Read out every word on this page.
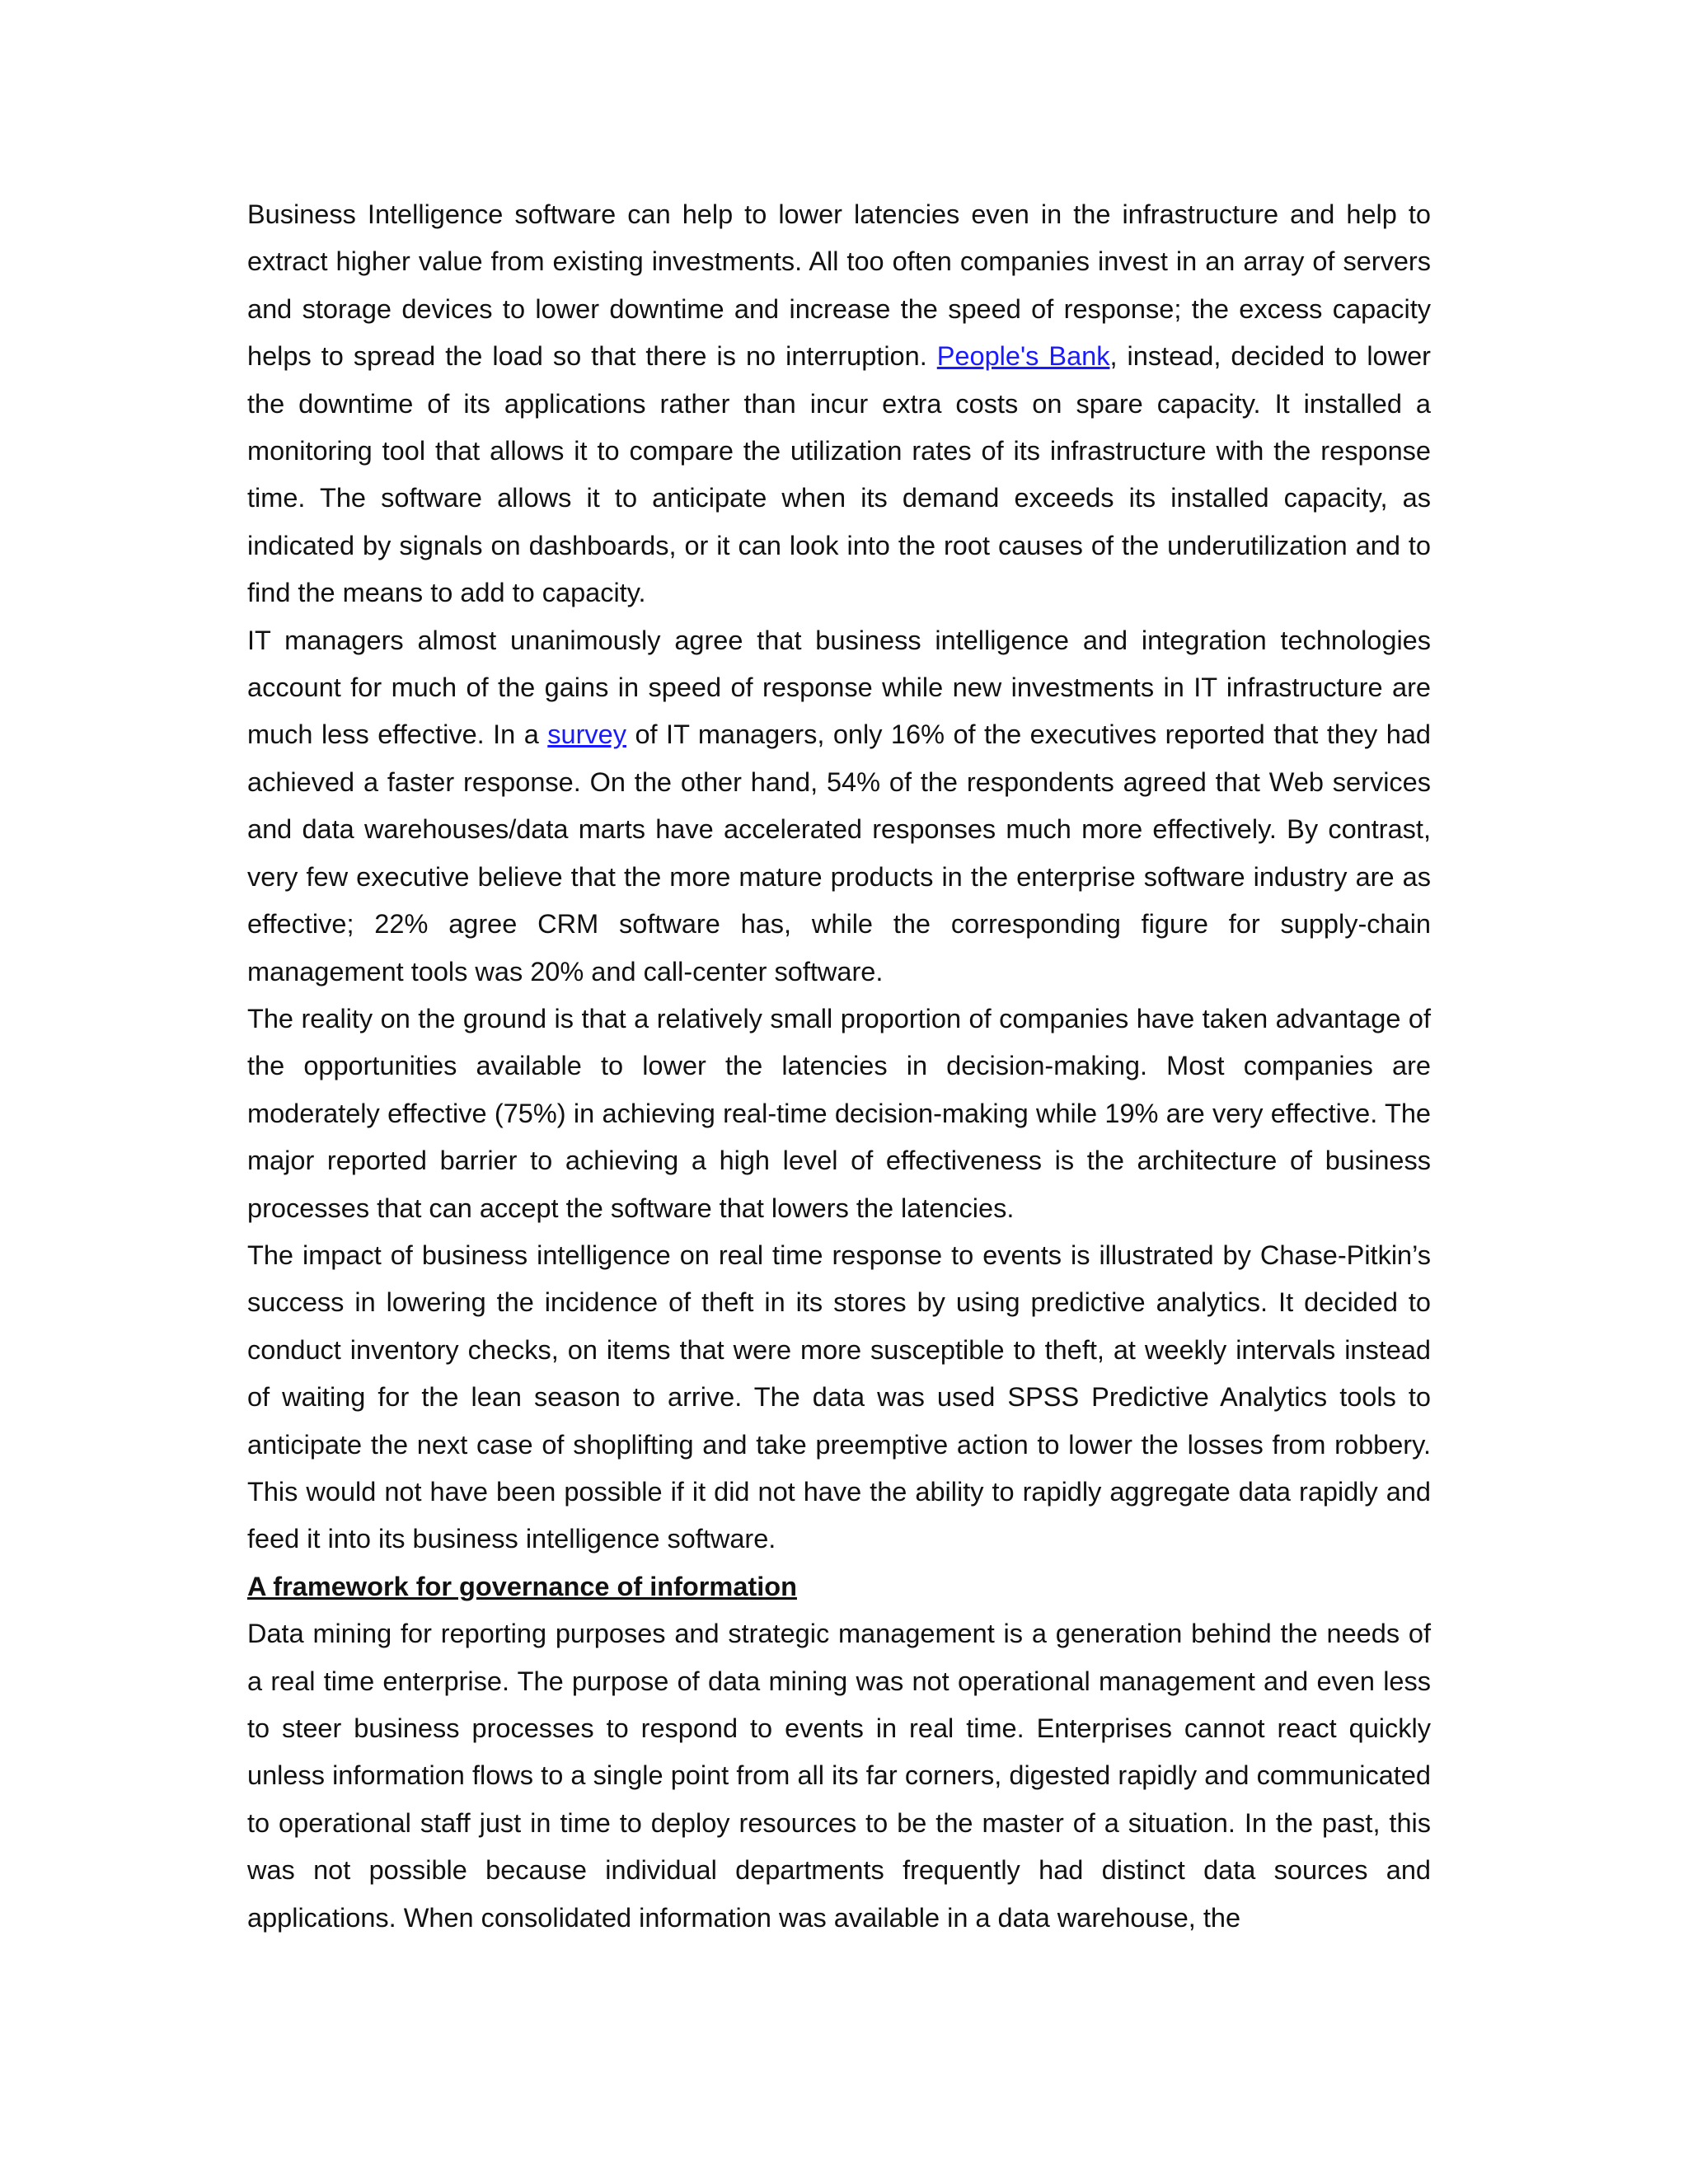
Business Intelligence software can help to lower latencies even in the infrastructure and help to extract higher value from existing investments. All too often companies invest in an array of servers and storage devices to lower downtime and increase the speed of response; the excess capacity helps to spread the load so that there is no interruption. People's Bank, instead, decided to lower the downtime of its applications rather than incur extra costs on spare capacity. It installed a monitoring tool that allows it to compare the utilization rates of its infrastructure with the response time. The software allows it to anticipate when its demand exceeds its installed capacity, as indicated by signals on dashboards, or it can look into the root causes of the underutilization and to find the means to add to capacity.

IT managers almost unanimously agree that business intelligence and integration technologies account for much of the gains in speed of response while new investments in IT infrastructure are much less effective. In a survey of IT managers, only 16% of the executives reported that they had achieved a faster response. On the other hand, 54% of the respondents agreed that Web services and data warehouses/data marts have accelerated responses much more effectively. By contrast, very few executive believe that the more mature products in the enterprise software industry are as effective; 22% agree CRM software has, while the corresponding figure for supply-chain management tools was 20% and call-center software.

The reality on the ground is that a relatively small proportion of companies have taken advantage of the opportunities available to lower the latencies in decision-making. Most companies are moderately effective (75%) in achieving real-time decision-making while 19% are very effective. The major reported barrier to achieving a high level of effectiveness is the architecture of business processes that can accept the software that lowers the latencies.

The impact of business intelligence on real time response to events is illustrated by Chase-Pitkin’s success in lowering the incidence of theft in its stores by using predictive analytics. It decided to conduct inventory checks, on items that were more susceptible to theft, at weekly intervals instead of waiting for the lean season to arrive. The data was used SPSS Predictive Analytics tools to anticipate the next case of shoplifting and take preemptive action to lower the losses from robbery. This would not have been possible if it did not have the ability to rapidly aggregate data rapidly and feed it into its business intelligence software.

A framework for governance of information

Data mining for reporting purposes and strategic management is a generation behind the needs of a real time enterprise. The purpose of data mining was not operational management and even less to steer business processes to respond to events in real time. Enterprises cannot react quickly unless information flows to a single point from all its far corners, digested rapidly and communicated to operational staff just in time to deploy resources to be the master of a situation. In the past, this was not possible because individual departments frequently had distinct data sources and applications. When consolidated information was available in a data warehouse, the
